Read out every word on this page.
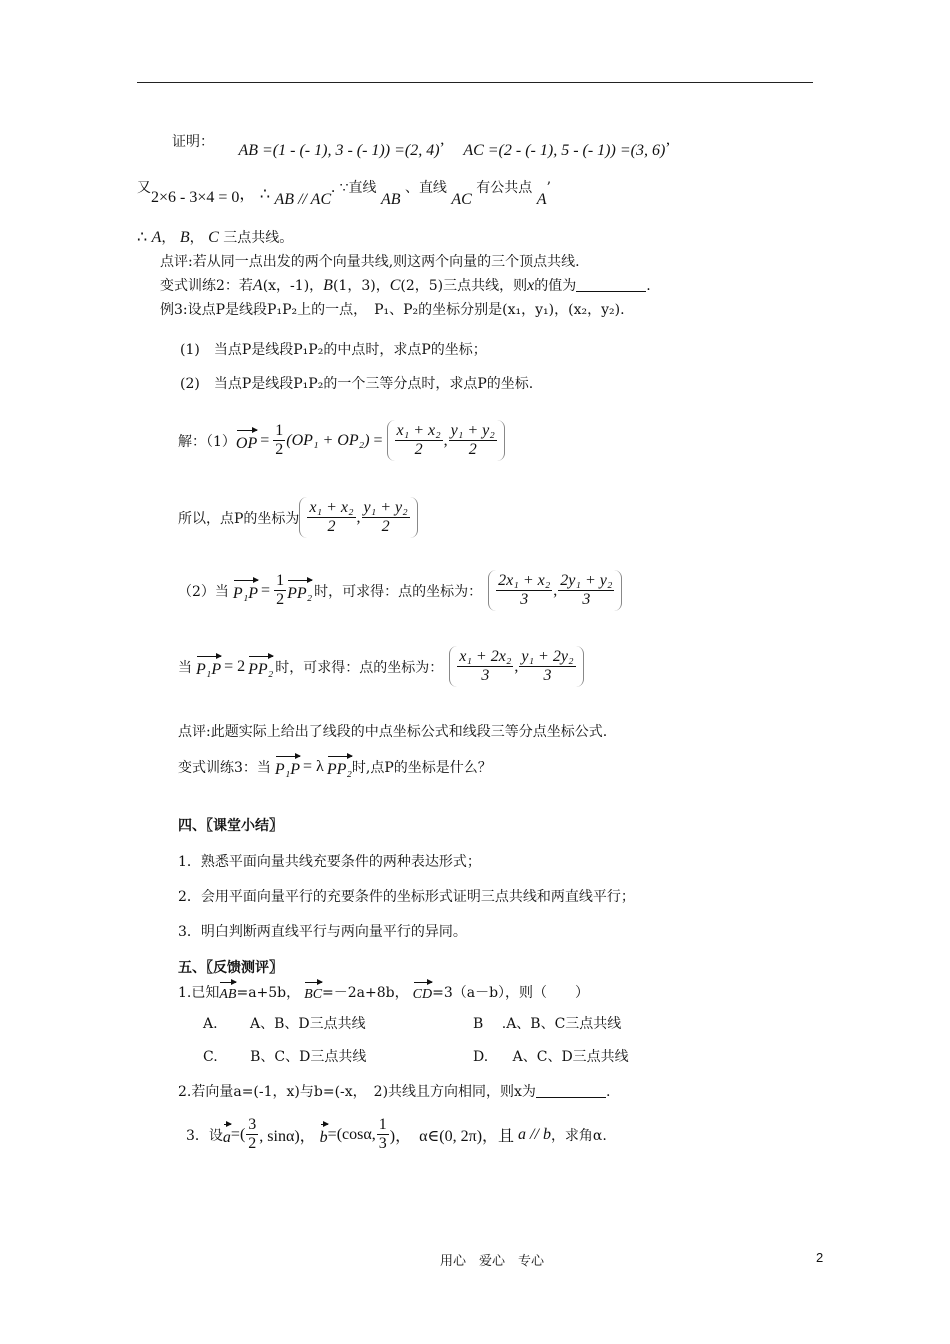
证明： AB =(1 - (- 1), 3 - (- 1)) =(2, 4)’ AC =(2 - (- 1), 5 - (- 1)) =(3, 6)’
又2×6 - 3×4 = 0， ∴ AB // AC. ∵直线 AB 、直线 AC 有公共点 A’
∴ A， B， C 三点共线。
点评:若从同一点出发的两个向量共线,则这两个向量的三个顶点共线.
变式训练2：若A(x，-1)，B(1，3)，C(2，5)三点共线，则x的值为	.
例3:设点P是线段P₁P₂上的一点，　P₁、P₂的坐标分别是(x₁，y₁)，(x₂，y₂).
(1)　当点P是线段P₁P₂的中点时，求点P的坐标；
(2)　当点P是线段P₁P₂的一个三等分点时，求点P的坐标.
解：（1） OP = $\frac{1}{2} (OP_1 + OP_2) = \frac{\text{x₁ + x₂}}{2}$ , $\frac{\text{y₁ + y₂}}{2}$
所以，点P的坐标为 $\frac{\text{x₁ + x₂}}{2}$ , $\frac{\text{y₁ + y₂}}{2}$
（2）当 $P_1P = \frac{1}{2} PP_2$ 时，可求得：点的坐标为： $\frac{\text{2x₁ + x₂}}{3}$ , $\frac{\text{2y₁ + y₂}}{3}$
当 P₁P = 2 PP₂ 时，可求得：点的坐标为： $\frac{\text{x₁ + 2x₂}}{3}$ , $\frac{\text{y₁ + 2y₂}}{3}$
点评:此题实际上给出了线段的中点坐标公式和线段三等分点坐标公式.
变式训练3：当 P₁P = λ PP₂ 时,点P的坐标是什么？
四、〖课堂小结〗
1．熟悉平面向量共线充要条件的两种表达形式；
2．会用平面向量平行的充要条件的坐标形式证明三点共线和两直线平行；
3．明白判断两直线平行与两向量平行的异同。
五、〖反馈测评〗
1.已知 AB =a+5b， BC =－2a+8b， CD =3（a－b），则（　　）
A. A、B、D三点共线	B .A、B、C三点共线
C. B、C、D三点共线	D. A、C、D三点共线
2.若向量a=(-1，x)与b=(-x，　2)共线且方向相同，则x为	.
3．设 a =( $\frac{3}{2}$ , sinα)， b =(cosα, $\frac{1}{3}$ )， α∈(0, 2π)，且 a // b ，求角α.
用心　爱心　专心	2
